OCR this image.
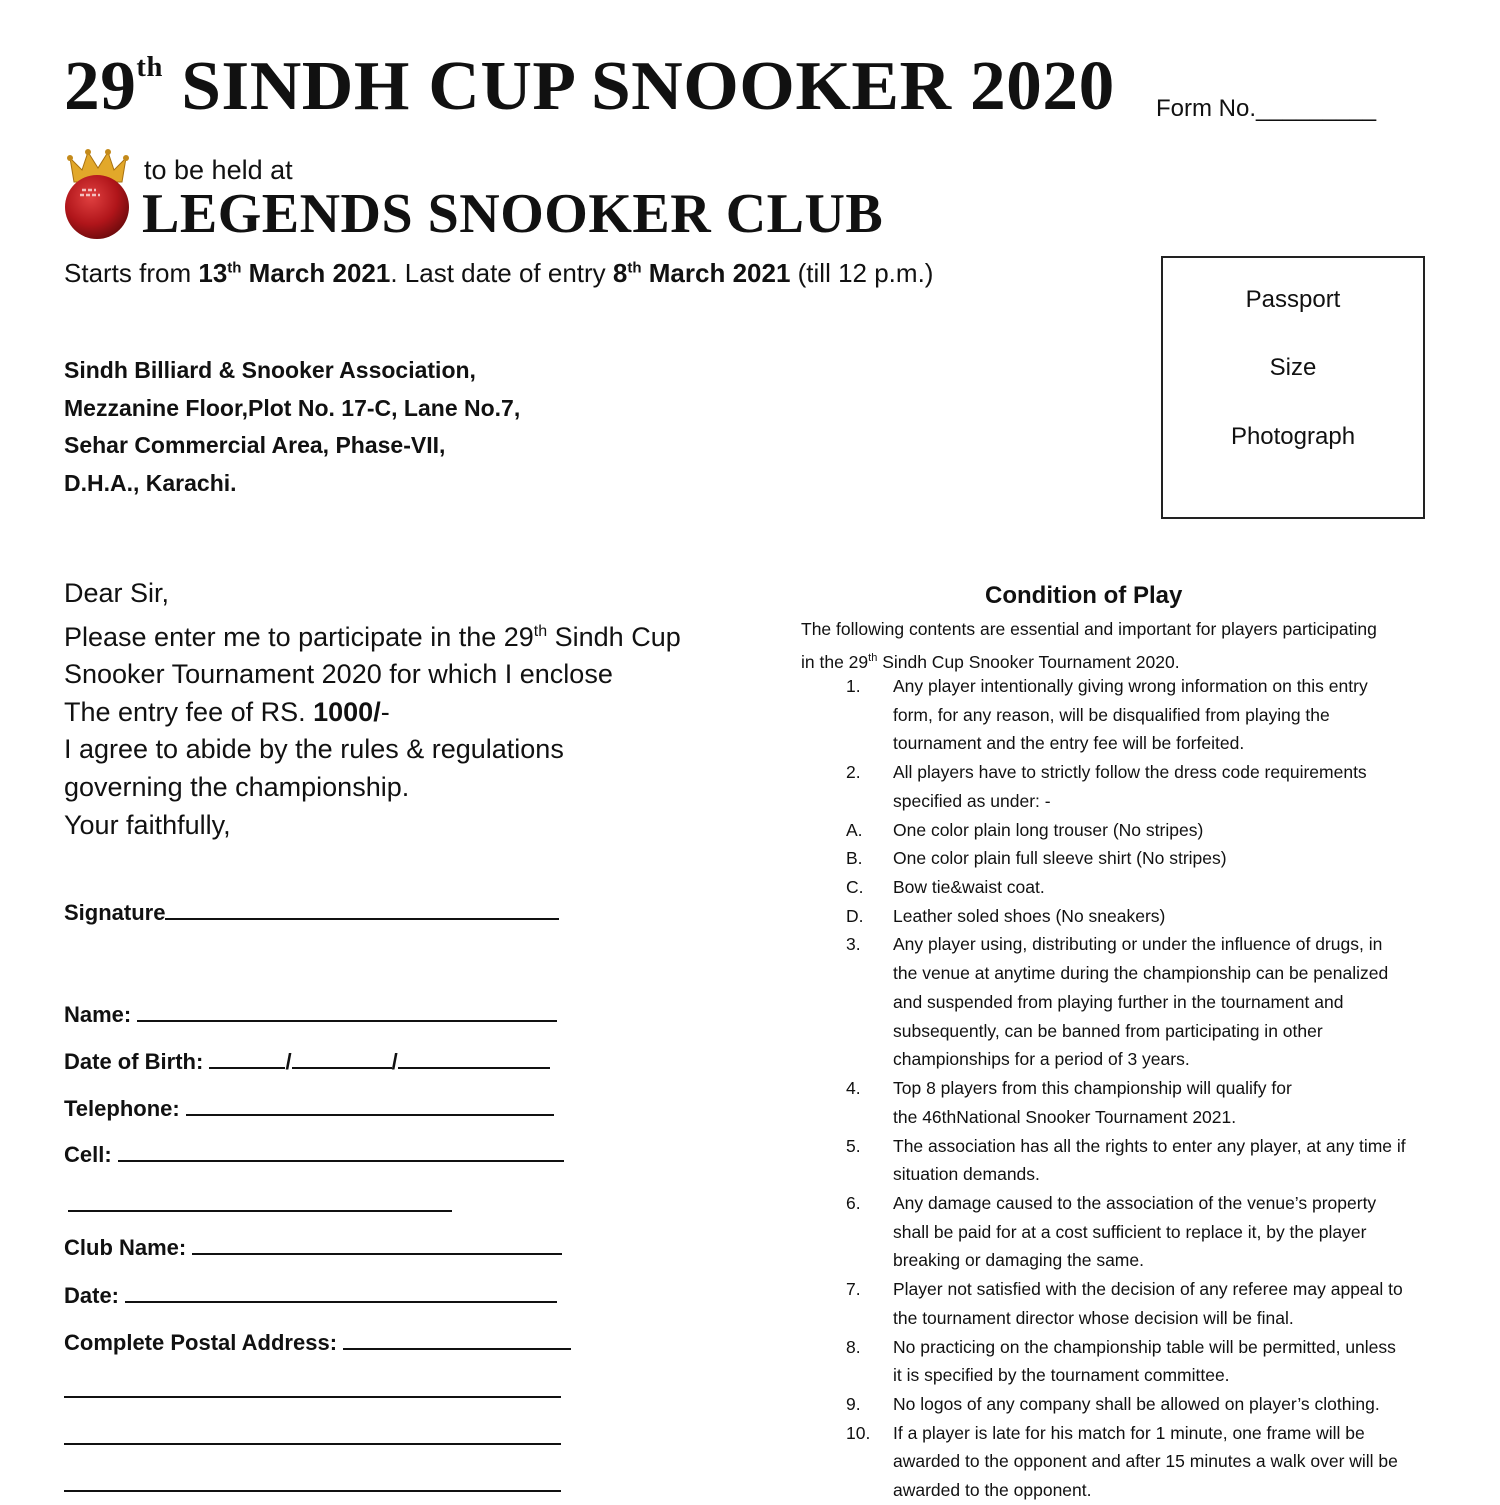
29th SINDH CUP SNOOKER 2020 Form No._________
to be held at
LEGENDS SNOOKER CLUB
Starts from 13th March 2021. Last date of entry 8th March 2021 (till 12 p.m.)
Passport
Size
Photograph
Sindh Billiard & Snooker Association,
Mezzanine Floor,Plot No. 17-C, Lane No.7,
Sehar Commercial Area, Phase-VII,
D.H.A., Karachi.
Dear Sir,
Please enter me to participate in the 29th Sindh Cup
Snooker Tournament 2020 for which I enclose
The entry fee of RS. 1000/-
I agree to abide by the rules & regulations
governing the championship.
Your faithfully,
Signature
Name:
Date of Birth:	/	/
Telephone:
Cell:
Club Name:
Date:
Complete Postal Address:
Condition of Play
The following contents are essential and important for players participating
in the 29th Sindh Cup Snooker Tournament 2020.
1.	Any player intentionally giving wrong information on this entry
form, for any reason, will be disqualified from playing the
tournament and the entry fee will be forfeited.
2.	All players have to strictly follow the dress code requirements
specified as under: -
A.	One color plain long trouser (No stripes)
B.	One color plain full sleeve shirt (No stripes)
C.	Bow tie&waist coat.
D.	Leather soled shoes (No sneakers)
3.	Any player using, distributing or under the influence of drugs, in
the venue at anytime during the championship can be penalized
and suspended from playing further in the tournament and
subsequently, can be banned from participating in other
championships for a period of 3 years.
4.	Top 8 players from this championship will qualify for
the 46thNational Snooker Tournament 2021.
5.	The association has all the rights to enter any player, at any time if
situation demands.
6.	Any damage caused to the association of the venue’s property
shall be paid for at a cost sufficient to replace it, by the player
breaking or damaging the same.
7.	Player not satisfied with the decision of any referee may appeal to
the tournament director whose decision will be final.
8.	No practicing on the championship table will be permitted, unless
it is specified by the tournament committee.
9.	No logos of any company shall be allowed on player’s clothing.
10.	If a player is late for his match for 1 minute, one frame will be
awarded to the opponent and after 15 minutes a walk over will be
awarded to the opponent.
